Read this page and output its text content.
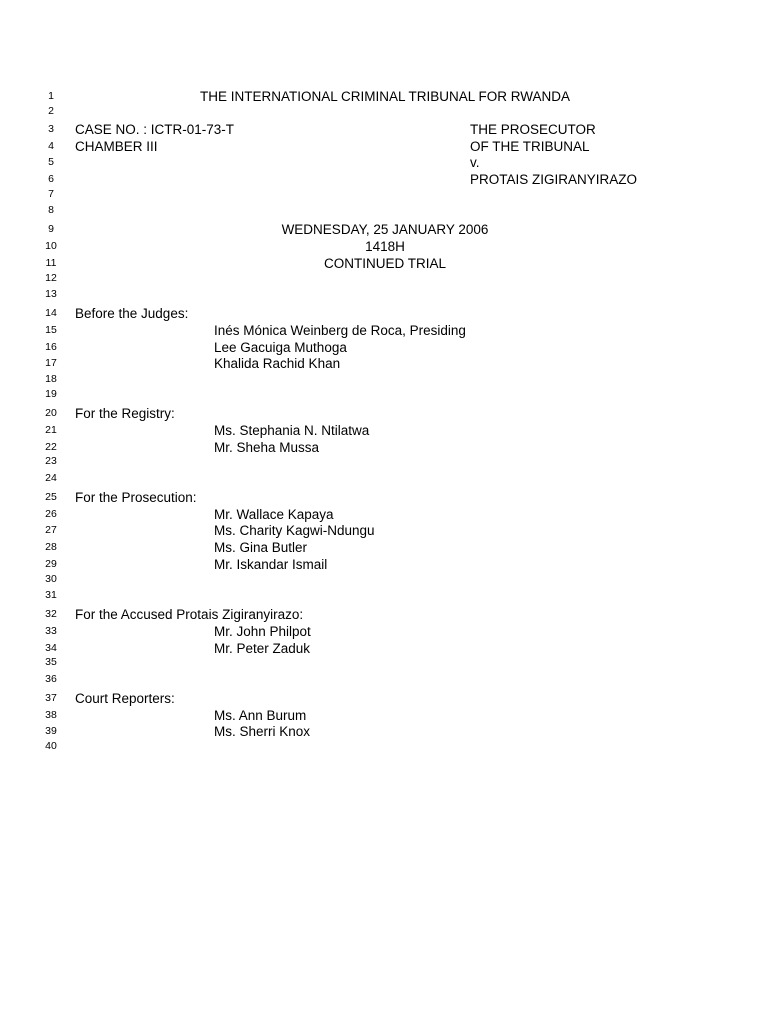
1	THE INTERNATIONAL CRIMINAL TRIBUNAL FOR RWANDA
2
3	CASE NO. : ICTR-01-73-T	THE PROSECUTOR
4	CHAMBER III	OF THE TRIBUNAL
5	v.
6	PROTAIS ZIGIRANYIRAZO
7
8
9	WEDNESDAY, 25 JANUARY 2006
10	1418H
11	CONTINUED TRIAL
12
13
14	Before the Judges:
15	Inés Mónica Weinberg de Roca, Presiding
16	Lee Gacuiga Muthoga
17	Khalida Rachid Khan
18
19
20	For the Registry:
21	Ms. Stephania N. Ntilatwa
22	Mr. Sheha Mussa
23
24
25	For the Prosecution:
26	Mr. Wallace Kapaya
27	Ms. Charity Kagwi-Ndungu
28	Ms. Gina Butler
29	Mr. Iskandar Ismail
30
31
32	For the Accused Protais Zigiranyirazo:
33	Mr. John Philpot
34	Mr. Peter Zaduk
35
36
37	Court Reporters:
38	Ms. Ann Burum
39	Ms. Sherri Knox
40
